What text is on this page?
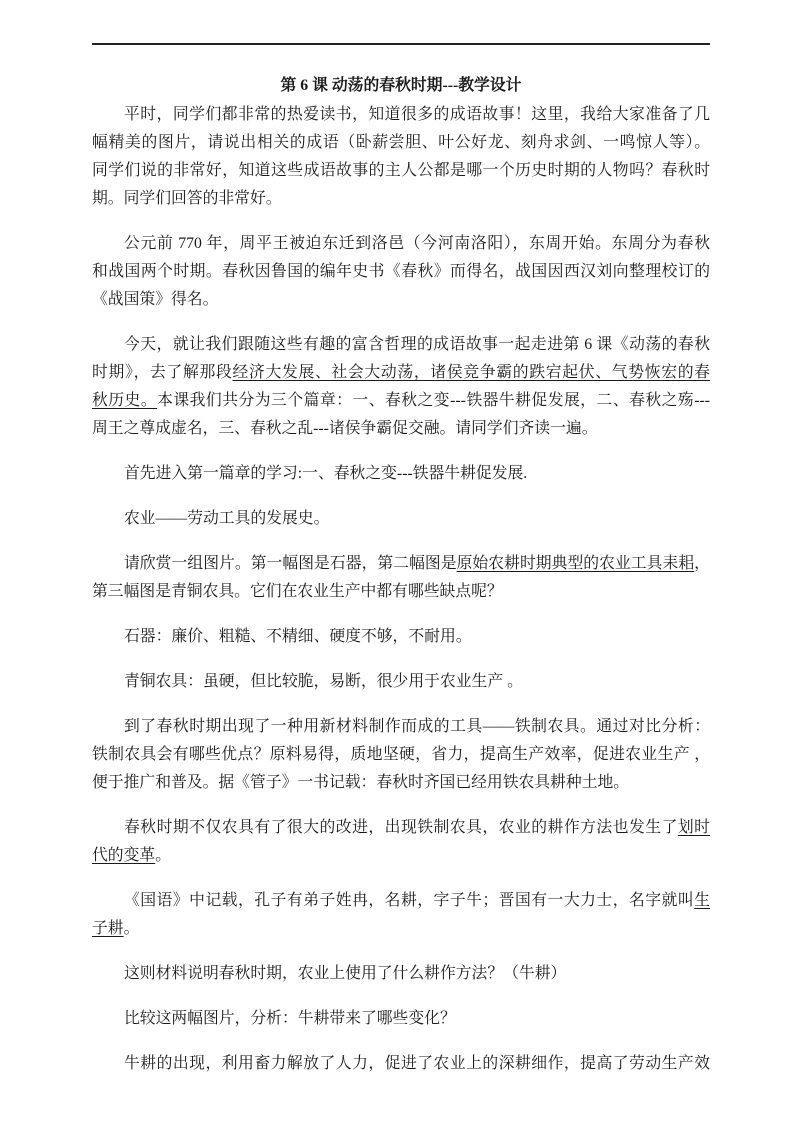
第 6 课 动荡的春秋时期---教学设计
平时，同学们都非常的热爱读书，知道很多的成语故事！这里，我给大家准备了几
幅精美的图片，请说出相关的成语（卧薪尝胆、叶公好龙、刻舟求剑、一鸣惊人等）。
同学们说的非常好，知道这些成语故事的主人公都是哪一个历史时期的人物吗？春秋时
期。同学们回答的非常好。
公元前 770 年，周平王被迫东迁到洛邑（今河南洛阳），东周开始。东周分为春秋
和战国两个时期。春秋因鲁国的编年史书《春秋》而得名，战国因西汉刘向整理校订的
《战国策》得名。
今天，就让我们跟随这些有趣的富含哲理的成语故事一起走进第 6 课《动荡的春秋
时期》，去了解那段经济大发展、社会大动荡，诸侯竞争霸的跌宕起伏、气势恢宏的春
秋历史。本课我们共分为三个篇章：一、春秋之变---铁器牛耕促发展，二、春秋之殇---
周王之尊成虚名，三、春秋之乱---诸侯争霸促交融。请同学们齐读一遍。
首先进入第一篇章的学习:一、春秋之变---铁器牛耕促发展.
农业——劳动工具的发展史。
请欣赏一组图片。第一幅图是石器，第二幅图是原始农耕时期典型的农业工具耒耜，
第三幅图是青铜农具。它们在农业生产中都有哪些缺点呢？
石器：廉价、粗糙、不精细、硬度不够，不耐用。
青铜农具：虽硬，但比较脆，易断，很少用于农业生产 。
到了春秋时期出现了一种用新材料制作而成的工具——铁制农具。通过对比分析：
铁制农具会有哪些优点？原料易得，质地坚硬，省力，提高生产效率，促进农业生产 ，
便于推广和普及。据《管子》一书记载：春秋时齐国已经用铁农具耕种土地。
春秋时期不仅农具有了很大的改进，出现铁制农具，农业的耕作方法也发生了划时
代的变革。
《国语》中记载，孔子有弟子姓冉，名耕，字子牛；晋国有一大力士，名字就叫生
子耕。
这则材料说明春秋时期，农业上使用了什么耕作方法？（牛耕）
比较这两幅图片，分析：牛耕带来了哪些变化？
牛耕的出现，利用畜力解放了人力，促进了农业上的深耕细作，提高了劳动生产效
